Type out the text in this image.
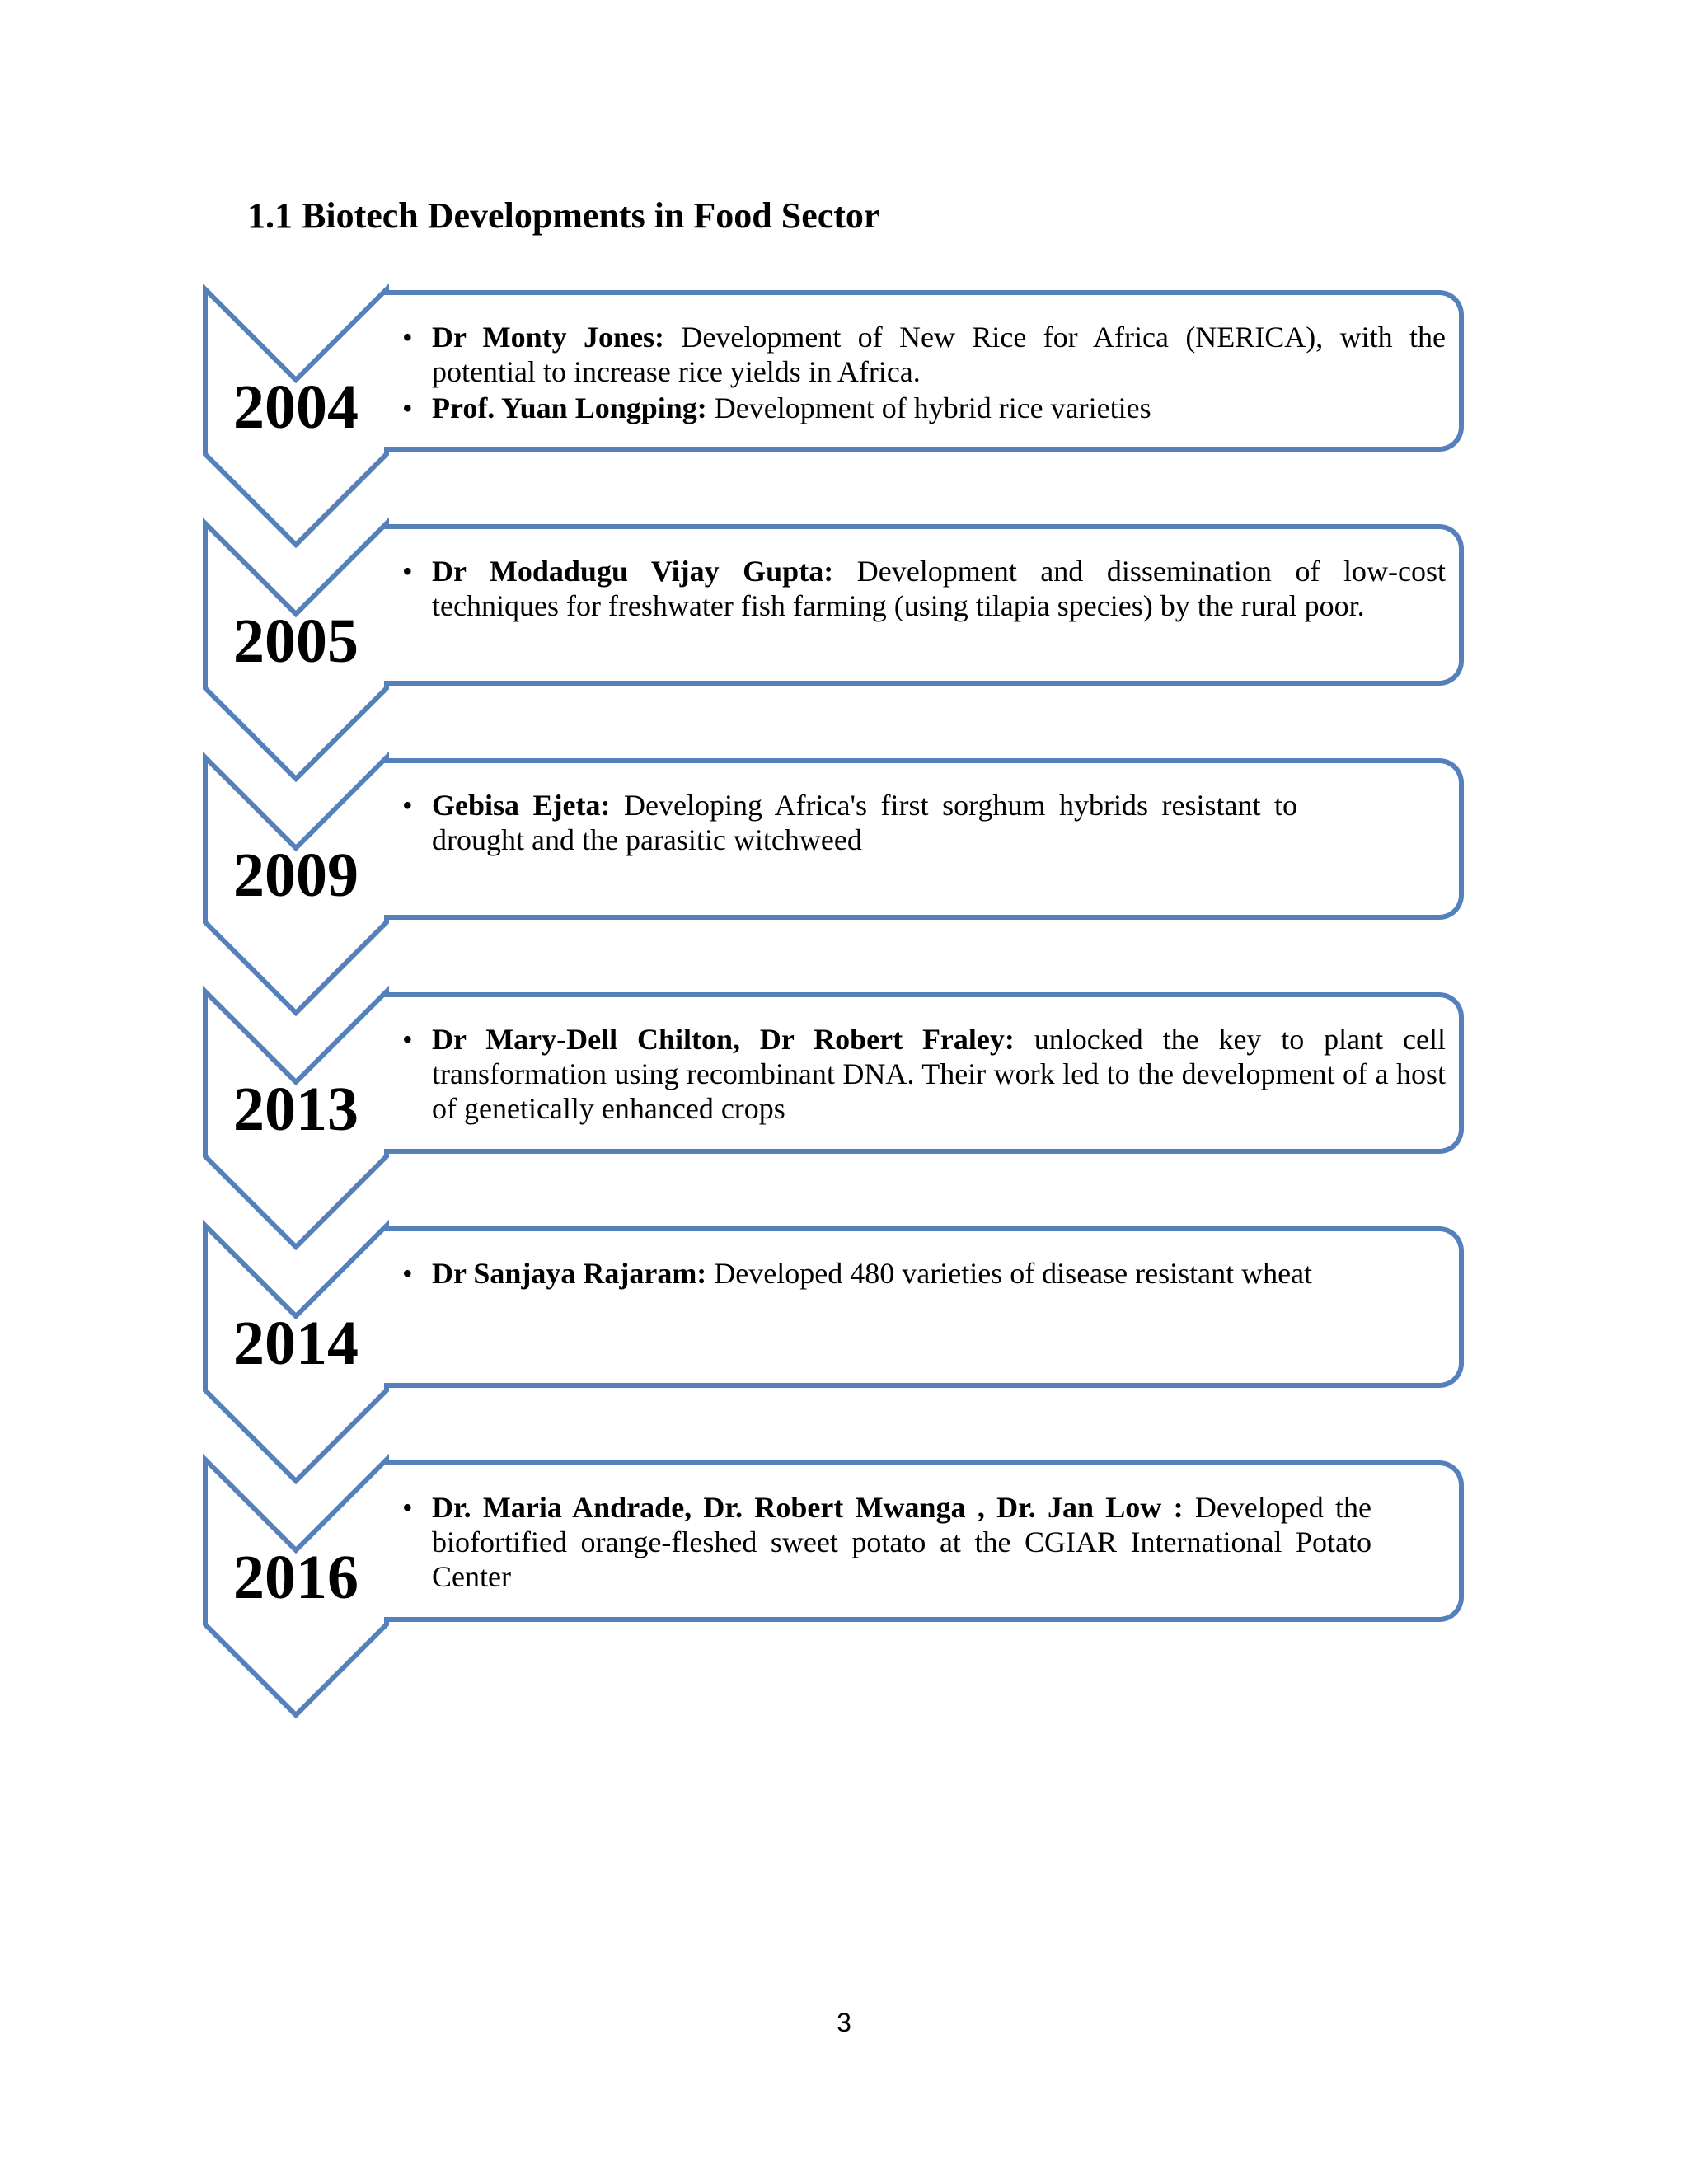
1.1 Biotech Developments in Food Sector
2004
• Dr Monty Jones: Development of New Rice for Africa (NERICA), with the potential to increase rice yields in Africa.
• Prof. Yuan Longping: Development of hybrid rice varieties
2005
• Dr Modadugu Vijay Gupta: Development and dissemination of low-cost techniques for freshwater fish farming (using tilapia species) by the rural poor.
2009
• Gebisa Ejeta: Developing Africa's first sorghum hybrids resistant to drought and the parasitic witchweed
2013
• Dr Mary-Dell Chilton, Dr Robert Fraley: unlocked the key to plant cell transformation using recombinant DNA. Their work led to the development of a host of genetically enhanced crops
2014
• Dr Sanjaya Rajaram: Developed 480 varieties of disease resistant wheat
2016
• Dr. Maria Andrade, Dr. Robert Mwanga , Dr. Jan Low : Developed the biofortified orange-fleshed sweet potato at the CGIAR International Potato Center
3
